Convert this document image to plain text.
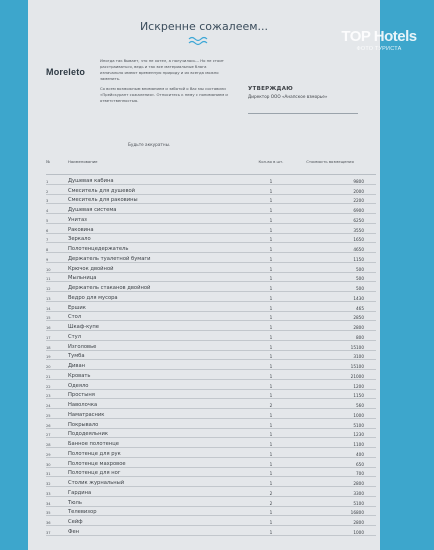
Искренне сожалеем...
Moreleto

Иногда так бывает, что не хотел, а получилось... Но не стоит расстраиваться, ведь и так все материальные блага изначально имеют временную природу и их всегда можно заменить.

Со всем возможным вниманием и заботой о Вас мы составили «Прейскурант сожаления». Относитесь к нему с пониманием и ответственностью.

УТВЕРЖДАЮ
Директор ООО «Анапское взморье»
Будьте аккуратны.
№	Наименование	Кол-во в шт.	Стоимость возмещения
1	Душевая кабина	1	9800
2	Смеситель для душевой	1	2000
3	Смеситель для раковины	1	2200
4	Душевая система	1	6900
5	Унитаз	1	6250
6	Раковина	1	3550
7	Зеркало	1	1650
8	Полотенцедержатель	1	4650
9	Держатель туалетной бумаги	1	1150
10	Крючок двойной	1	500
11	Мыльница	1	500
12	Держатель стаканов двойной	1	500
13	Ведро для мусора	1	1430
14	Ершик	1	465
15	Стол	1	2850
16	Шкаф-купе	1	2800
17	Стул	1	800
18	Изголовье	1	15100
19	Тумба	1	3100
20	Диван	1	15100
21	Кровать	1	21000
22	Одеяло	1	1200
23	Простыня	1	1150
24	Наволочка	2	560
25	Наматрасник	1	1000
26	Покрывало	1	5100
27	Пододеяльник	1	1230
28	Банное полотенце	1	1100
29	Полотенце для рук	1	400
30	Полотенце махровое	1	650
31	Полотенце для ног	1	700
32	Столик журнальный	1	2800
33	Гардина	2	3300
34	Тюль	2	5100
35	Телевизор	1	16800
36	Сейф	1	2800
37	Фен	1	1000
TOP Hotels
ФОТО ТУРИСТА
